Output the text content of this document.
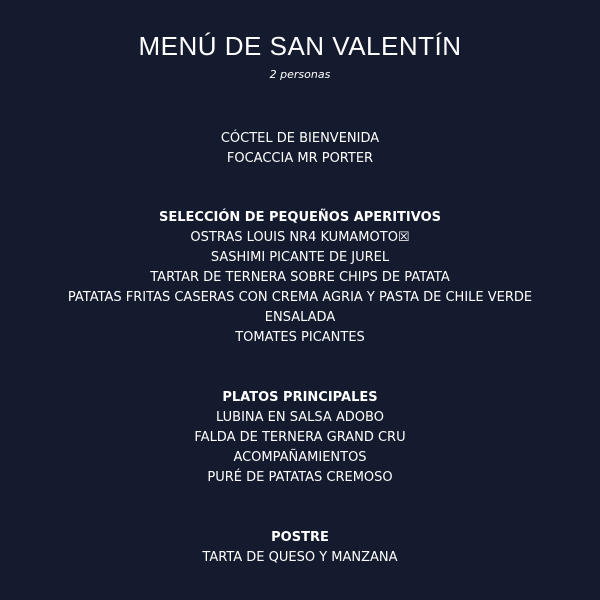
MENÚ DE SAN VALENTÍN
2 personas
CÓCTEL DE BIENVENIDA
FOCACCIA MR PORTER
SELECCIÓN DE PEQUEÑOS APERITIVOS
OSTRAS LOUIS NR4 KUMAMOTO☒
SASHIMI PICANTE DE JUREL
TARTAR DE TERNERA SOBRE CHIPS DE PATATA
PATATAS FRITAS CASERAS CON CREMA AGRIA Y PASTA DE CHILE VERDE
ENSALADA
TOMATES PICANTES
PLATOS PRINCIPALES
LUBINA EN SALSA ADOBO
FALDA DE TERNERA GRAND CRU
ACOMPAÑAMIENTOS
PURÉ DE PATATAS CREMOSO
POSTRE
TARTA DE QUESO Y MANZANA
